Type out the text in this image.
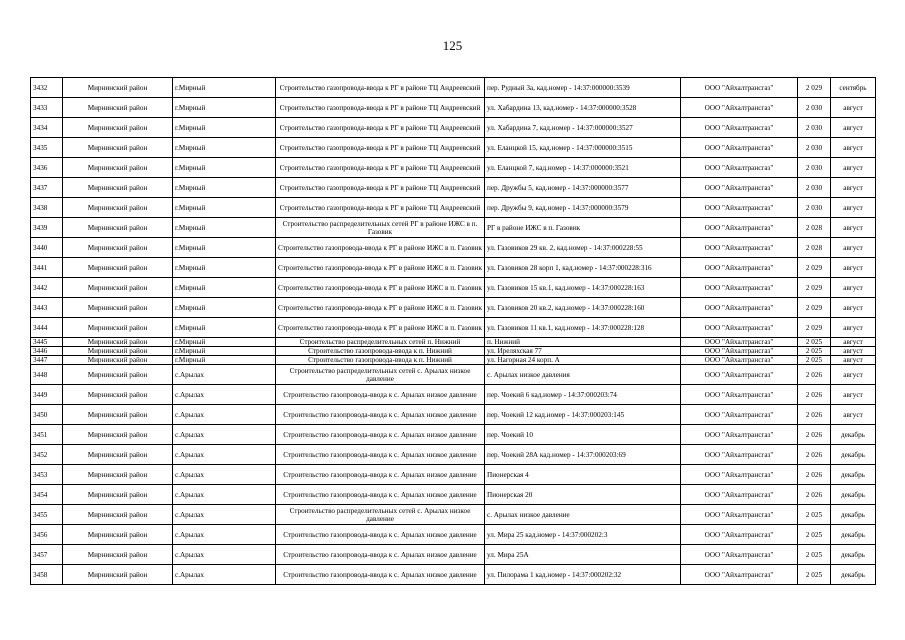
125
3432	Мирнинский район	г.Мирный	Строительство газопровода-ввода к РГ в районе ТЦ Андреевский	пер. Рудный 3а, кад.номер - 14:37:000000:3539	ООО "Айхалтрансгаз"	2 029	сентябрь
3433	Мирнинский район	г.Мирный	Строительство газопровода-ввода к РГ в районе ТЦ Андреевский	ул. Хабардина 13, кад.номер - 14:37:000000:3528	ООО "Айхалтрансгаз"	2 030	август
3434	Мирнинский район	г.Мирный	Строительство газопровода-ввода к РГ в районе ТЦ Андреевский	ул. Хабардина 7, кад.номер - 14:37:000000:3527	ООО "Айхалтрансгаз"	2 030	август
3435	Мирнинский район	г.Мирный	Строительство газопровода-ввода к РГ в районе ТЦ Андреевский	ул. Еланцкой 15, кад.номер - 14:37:000000:3515	ООО "Айхалтрансгаз"	2 030	август
3436	Мирнинский район	г.Мирный	Строительство газопровода-ввода к РГ в районе ТЦ Андреевский	ул. Еланцкой 7, кад.номер - 14:37:000000:3521	ООО "Айхалтрансгаз"	2 030	август
3437	Мирнинский район	г.Мирный	Строительство газопровода-ввода к РГ в районе ТЦ Андреевский	пер. Дружбы 5, кад.номер - 14:37:000000:3577	ООО "Айхалтрансгаз"	2 030	август
3438	Мирнинский район	г.Мирный	Строительство газопровода-ввода к РГ в районе ТЦ Андреевский	пер. Дружбы 9, кад.номер - 14:37:000000:3579	ООО "Айхалтрансгаз"	2 030	август
3439	Мирнинский район	г.Мирный	Строительство распределительных сетей РГ в районе ИЖС в п. Газовик	РГ в районе ИЖС в п. Газовик	ООО "Айхалтрансгаз"	2 028	август
3440	Мирнинский район	г.Мирный	Строительство газопровода-ввода к РГ в районе ИЖС в п. Газовик	ул. Газовиков 29 кв. 2, кад.номер - 14:37:000228:55	ООО "Айхалтрансгаз"	2 028	август
3441	Мирнинский район	г.Мирный	Строительство газопровода-ввода к РГ в районе ИЖС в п. Газовик	ул. Газовиков 28 корп 1, кад.номер - 14:37:000228:316	ООО "Айхалтрансгаз"	2 029	август
3442	Мирнинский район	г.Мирный	Строительство газопровода-ввода к РГ в районе ИЖС в п. Газовик	ул. Газовиков 15 кв.1, кад.номер - 14:37:000228:163	ООО "Айхалтрансгаз"	2 029	август
3443	Мирнинский район	г.Мирный	Строительство газопровода-ввода к РГ в районе ИЖС в п. Газовик	ул. Газовиков 20 кв.2, кад.номер - 14:37:000228:160	ООО "Айхалтрансгаз"	2 029	август
3444	Мирнинский район	г.Мирный	Строительство газопровода-ввода к РГ в районе ИЖС в п. Газовик	ул. Газовиков 11 кв.1, кад.номер - 14:37:000228:128	ООО "Айхалтрансгаз"	2 029	август
3445	Мирнинский район	г.Мирный	Строительство распределительных сетей п. Нижний	п. Нижний	ООО "Айхалтрансгаз"	2 025	август
3446	Мирнинский район	г.Мирный	Строительство газопровода-ввода к п. Нижний	ул. Иреляхская 77	ООО "Айхалтрансгаз"	2 025	август
3447	Мирнинский район	г.Мирный	Строительство газопровода-ввода к п. Нижний	ул. Нагорная 24 корп. А	ООО "Айхалтрансгаз"	2 025	август
3448	Мирнинский район	с.Арылах	Строительство распределительных сетей с. Арылах низкое давление	с. Арылах низкое давления	ООО "Айхалтрансгаз"	2 026	август
3449	Мирнинский район	с.Арылах	Строительство газопровода-ввода к с. Арылах низкое давление	пер. Чоекий 6 кад.номер - 14:37:000203:74	ООО "Айхалтрансгаз"	2 026	август
3450	Мирнинский район	с.Арылах	Строительство газопровода-ввода к с. Арылах низкое давление	пер. Чоекий 12 кад.номер - 14:37:000203:145	ООО "Айхалтрансгаз"	2 026	август
3451	Мирнинский район	с.Арылах	Строительство газопровода-ввода к с. Арылах низкое давление	пер. Чоекий 10	ООО "Айхалтрансгаз"	2 026	декабрь
3452	Мирнинский район	с.Арылах	Строительство газопровода-ввода к с. Арылах низкое давление	пер. Чоекий 28А кад.номер - 14:37:000203:69	ООО "Айхалтрансгаз"	2 026	декабрь
3453	Мирнинский район	с.Арылах	Строительство газопровода-ввода к с. Арылах низкое давление	Пионерская 4	ООО "Айхалтрансгаз"	2 026	декабрь
3454	Мирнинский район	с.Арылах	Строительство газопровода-ввода к с. Арылах низкое давление	Пионерская 20	ООО "Айхалтрансгаз"	2 026	декабрь
3455	Мирнинский район	с.Арылах	Строительство распределительных сетей с. Арылах низкое давление	с. Арылах низкое давление	ООО "Айхалтрансгаз"	2 025	декабрь
3456	Мирнинский район	с.Арылах	Строительство газопровода-ввода к с. Арылах низкое давление	ул. Мира 25 кад.номер - 14:37:000202:3	ООО "Айхалтрансгаз"	2 025	декабрь
3457	Мирнинский район	с.Арылах	Строительство газопровода-ввода к с. Арылах низкое давление	ул. Мира 25А	ООО "Айхалтрансгаз"	2 025	декабрь
3458	Мирнинский район	с.Арылах	Строительство газопровода-ввода к с. Арылах низкое давление	ул. Пилорама 1 кад.номер - 14:37:000202:32	ООО "Айхалтрансгаз"	2 025	декабрь
